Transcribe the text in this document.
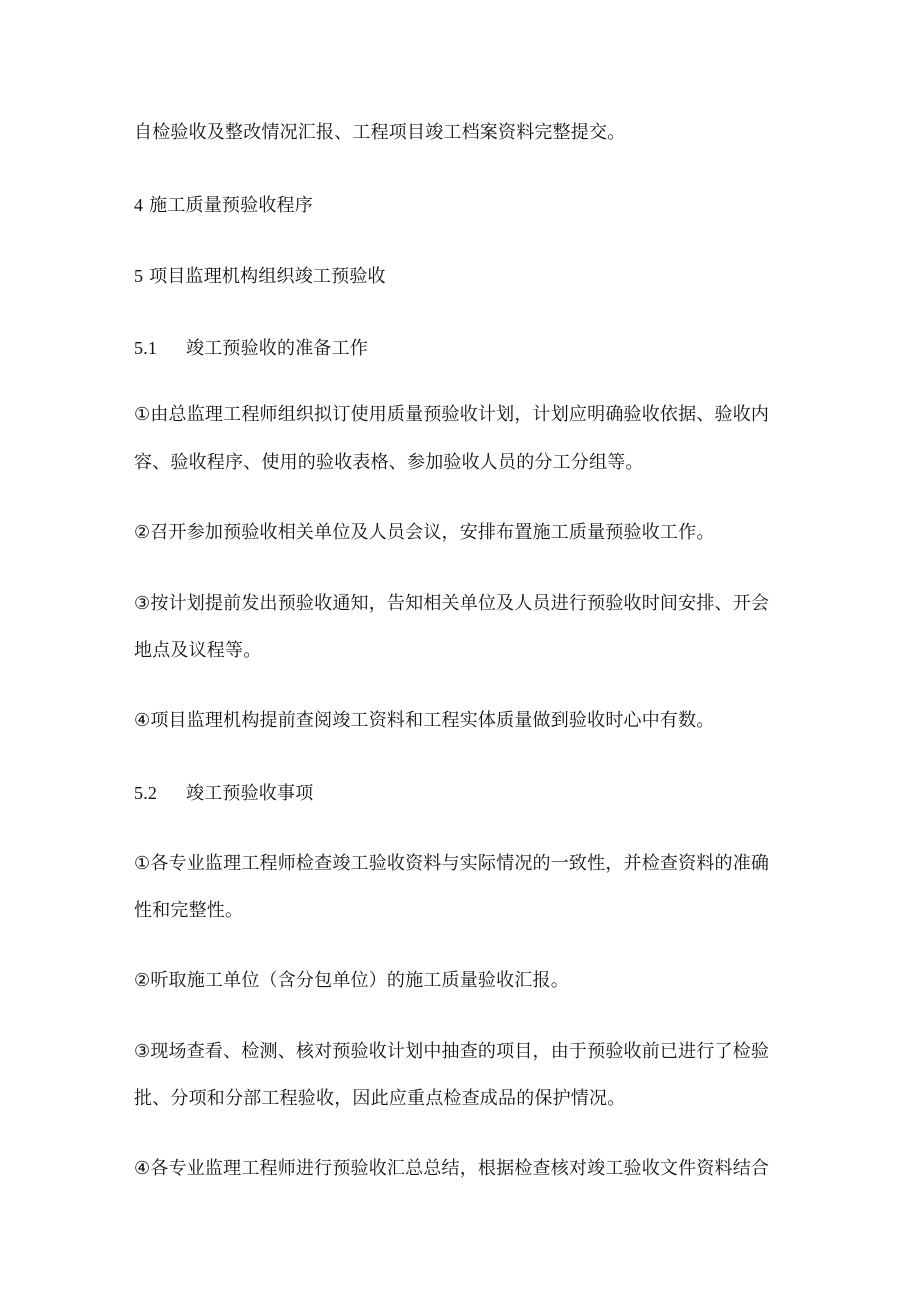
自检验收及整改情况汇报、工程项目竣工档案资料完整提交。

4 施工质量预验收程序

5 项目监理机构组织竣工预验收

5.1 竣工预验收的准备工作

①由总监理工程师组织拟订使用质量预验收计划，计划应明确验收依据、验收内

容、验收程序、使用的验收表格、参加验收人员的分工分组等。

②召开参加预验收相关单位及人员会议，安排布置施工质量预验收工作。

③按计划提前发出预验收通知，告知相关单位及人员进行预验收时间安排、开会

地点及议程等。

④项目监理机构提前查阅竣工资料和工程实体质量做到验收时心中有数。

5.2 竣工预验收事项

①各专业监理工程师检查竣工验收资料与实际情况的一致性，并检查资料的准确

性和完整性。

②听取施工单位（含分包单位）的施工质量验收汇报。

③现场查看、检测、核对预验收计划中抽查的项目，由于预验收前已进行了检验

批、分项和分部工程验收，因此应重点检查成品的保护情况。

④各专业监理工程师进行预验收汇总总结，根据检查核对竣工验收文件资料结合
